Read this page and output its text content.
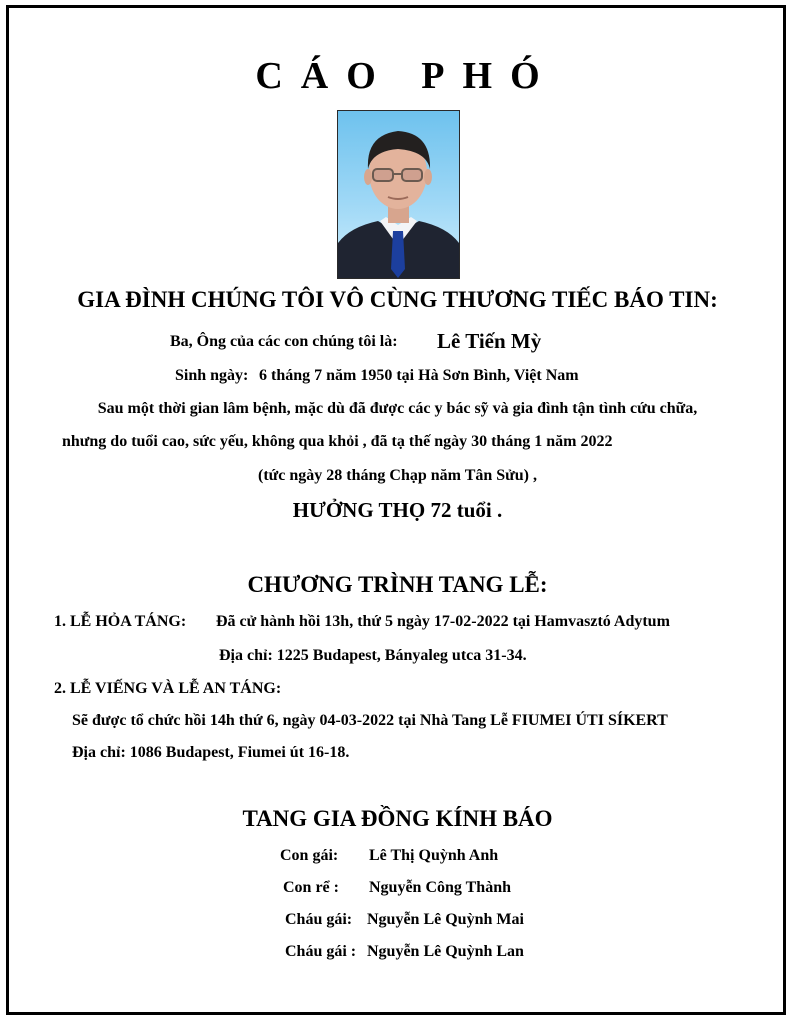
CÁO PHÓ
GIA ĐÌNH CHÚNG TÔI VÔ CÙNG THƯƠNG TIẾC BÁO TIN:
Ba, Ông của các con chúng tôi là: Lê Tiến Mỳ
Sinh ngày: 6 tháng 7 năm 1950 tại Hà Sơn Bình, Việt Nam
Sau một thời gian lâm bệnh, mặc dù đã được các y bác sỹ và gia đình tận tình cứu chữa,
nhưng do tuổi cao, sức yếu, không qua khỏi , đã tạ thế ngày 30 tháng 1 năm 2022
(tức ngày 28 tháng Chạp năm Tân Sửu) ,
HƯỞNG THỌ 72 tuổi .
CHƯƠNG TRÌNH TANG LỄ:
1. LỄ HỎA TÁNG: Đã cử hành hồi 13h, thứ 5 ngày 17-02-2022 tại Hamvasztó Adytum
Địa chỉ: 1225 Budapest, Bányaleg utca 31-34.
2. LỄ VIẾNG VÀ LỄ AN TÁNG:
Sẽ được tổ chức hồi 14h thứ 6, ngày 04-03-2022 tại Nhà Tang Lễ FIUMEI ÚTI SÍKERT
Địa chỉ: 1086 Budapest, Fiumei út 16-18.
TANG GIA ĐỒNG KÍNH BÁO
Con gái: Lê Thị Quỳnh Anh
Con rể : Nguyễn Công Thành
Cháu gái: Nguyễn Lê Quỳnh Mai
Cháu gái : Nguyễn Lê Quỳnh Lan
